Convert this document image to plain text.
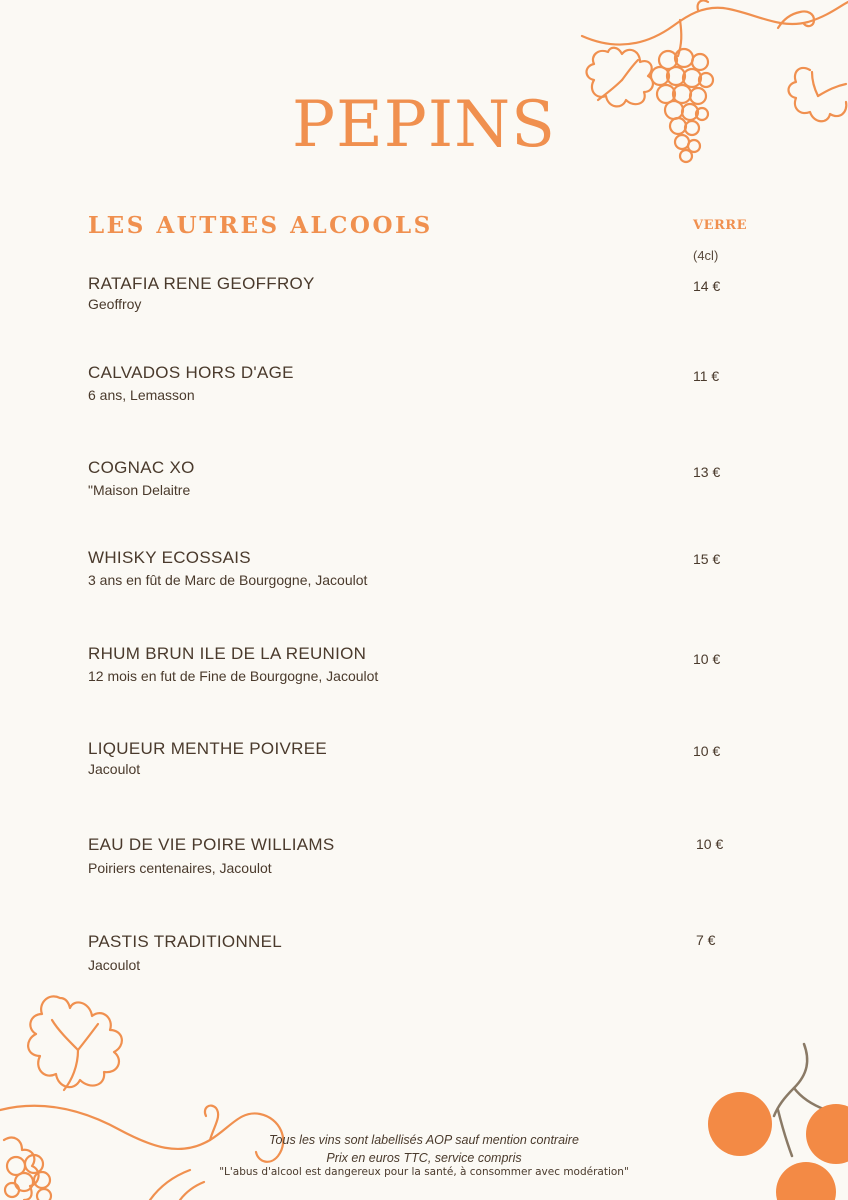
PEPINS
LES AUTRES ALCOOLS	VERRE
(4cl)
RATAFIA RENE GEOFFROY
Geoffroy
14 €
CALVADOS HORS D'AGE
6 ans, Lemasson
11 €
COGNAC XO
"Maison Delaitre
13 €
WHISKY ECOSSAIS
3 ans en fût de Marc de Bourgogne, Jacoulot
15 €
RHUM BRUN ILE DE LA REUNION
12 mois en fut de Fine de Bourgogne, Jacoulot
10 €
LIQUEUR MENTHE POIVREE
Jacoulot
10 €
EAU DE VIE POIRE WILLIAMS
Poiriers centenaires, Jacoulot
10 €
PASTIS TRADITIONNEL
Jacoulot
7 €
Tous les vins sont labellisés AOP sauf mention contraire
Prix en euros TTC, service compris
"L'abus d'alcool est dangereux pour la santé, à consommer avec modération"
